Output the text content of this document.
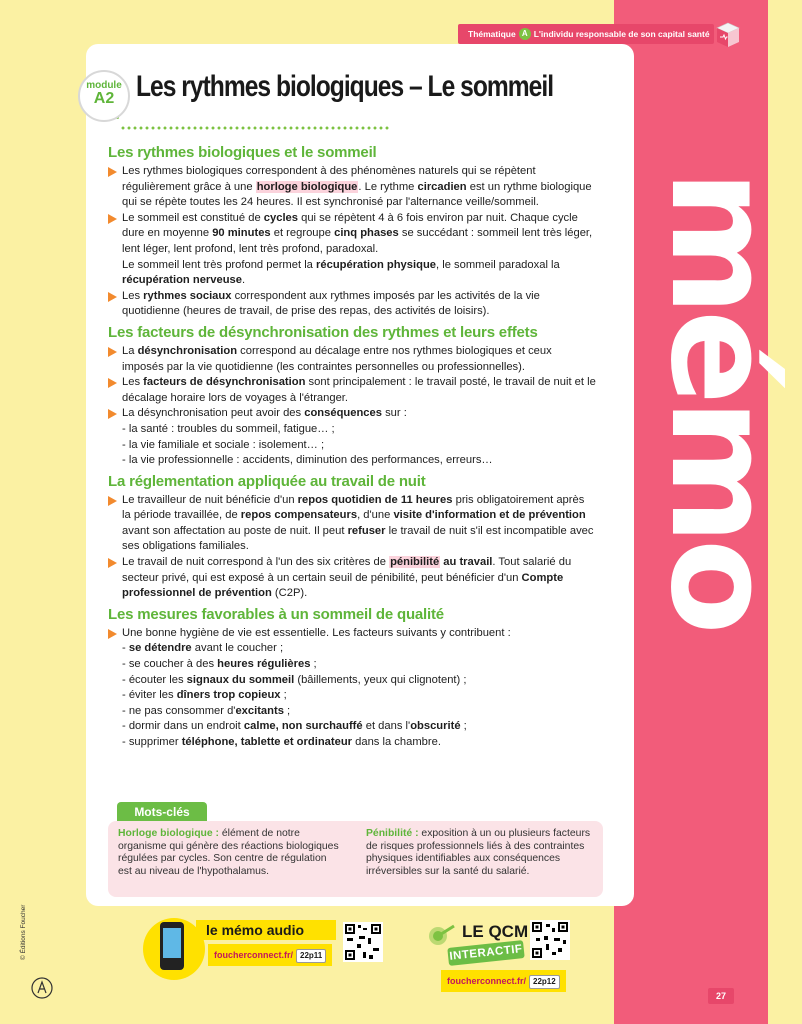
mémo
Thématique A L'individu responsable de son capital santé
module
A2 Les rythmes biologiques – Le sommeil
Les rythmes biologiques et le sommeil
Les rythmes biologiques correspondent à des phénomènes naturels qui se répètent régulièrement grâce à une horloge biologique. Le rythme circadien est un rythme biologique qui se répète toutes les 24 heures. Il est synchronisé par l'alternance veille/sommeil.
Le sommeil est constitué de cycles qui se répètent 4 à 6 fois environ par nuit. Chaque cycle dure en moyenne 90 minutes et regroupe cinq phases se succédant : sommeil lent très léger, lent léger, lent profond, lent très profond, paradoxal.
Le sommeil lent très profond permet la récupération physique, le sommeil paradoxal la récupération nerveuse.
Les rythmes sociaux correspondent aux rythmes imposés par les activités de la vie quotidienne (heures de travail, de prise des repas, des activités de loisirs).
Les facteurs de désynchronisation des rythmes et leurs effets
La désynchronisation correspond au décalage entre nos rythmes biologiques et ceux imposés par la vie quotidienne (les contraintes personnelles ou professionnelles).
Les facteurs de désynchronisation sont principalement : le travail posté, le travail de nuit et le décalage horaire lors de voyages à l'étranger.
La désynchronisation peut avoir des conséquences sur :
- la santé : troubles du sommeil, fatigue… ;
- la vie familiale et sociale : isolement… ;
- la vie professionnelle : accidents, diminution des performances, erreurs…
La réglementation appliquée au travail de nuit
Le travailleur de nuit bénéficie d'un repos quotidien de 11 heures pris obligatoirement après la période travaillée, de repos compensateurs, d'une visite d'information et de prévention avant son affectation au poste de nuit. Il peut refuser le travail de nuit s'il est incompatible avec ses obligations familiales.
Le travail de nuit correspond à l'un des six critères de pénibilité au travail. Tout salarié du secteur privé, qui est exposé à un certain seuil de pénibilité, peut bénéficier d'un Compte professionnel de prévention (C2P).
Les mesures favorables à un sommeil de qualité
Une bonne hygiène de vie est essentielle. Les facteurs suivants y contribuent :
- se détendre avant le coucher ;
- se coucher à des heures régulières ;
- écouter les signaux du sommeil (bâillements, yeux qui clignotent) ;
- éviter les dîners trop copieux ;
- ne pas consommer d'excitants ;
- dormir dans un endroit calme, non surchauffé et dans l'obscurité ;
- supprimer téléphone, tablette et ordinateur dans la chambre.
Mots-clés
Horloge biologique : élément de notre organisme qui génère des réactions biologiques régulées par cycles. Son centre de régulation est au niveau de l'hypothalamus.
Pénibilité : exposition à un ou plusieurs facteurs de risques professionnels liés à des contraintes physiques identifiables aux conséquences irréversibles sur la santé du salarié.
le mémo audio
foucherconnect.fr/ 22p11
LE QCM
INTERACTIF
foucherconnect.fr/ 22p12
27
© Éditions Foucher
